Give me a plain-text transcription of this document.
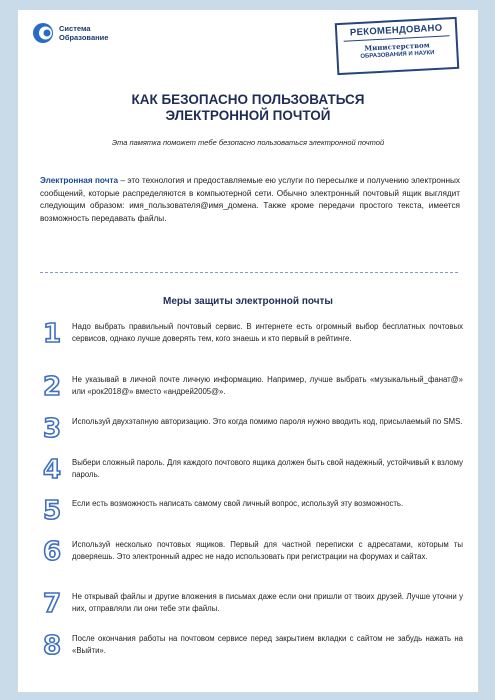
Система
Образование	РЕКОМЕНДОВАНО
Министерством
ОБРАЗОВАНИЯ И НАУКИ
КАК БЕЗОПАСНО ПОЛЬЗОВАТЬСЯ
ЭЛЕКТРОННОЙ ПОЧТОЙ
Эта памятка поможет тебе безопасно пользоваться электронной почтой
Электронная почта – это технология и предоставляемые ею услуги по пересылке и получению электронных сообщений, которые распределяются в компьютерной сети. Обычно электронный почтовый ящик выглядит следующим образом: имя_пользователя@имя_домена. Также кроме передачи простого текста, имеется возможность передавать файлы.
Меры защиты электронной почты
1	Надо выбрать правильный почтовый сервис. В интернете есть огромный выбор бесплатных почтовых сервисов, однако лучше доверять тем, кого знаешь и кто первый в рейтинге.
2	Не указывай в личной почте личную информацию. Например, лучше выбрать «музыкальный_фанат@» или «рок2018@» вместо «андрей2005@».
3	Используй двухэтапную авторизацию. Это когда помимо пароля нужно вводить код, присылаемый по SMS.
4	Выбери сложный пароль. Для каждого почтового ящика должен быть свой надежный, устойчивый к взлому пароль.
5	Если есть возможность написать самому свой личный вопрос, используй эту возможность.
6	Используй несколько почтовых ящиков. Первый для частной переписки с адресатами, которым ты доверяешь. Это электронный адрес не надо использовать при регистрации на форумах и сайтах.
7	Не открывай файлы и другие вложения в письмах даже если они пришли от твоих друзей. Лучше уточни у них, отправляли ли они тебе эти файлы.
8	После окончания работы на почтовом сервисе перед закрытием вкладки с сайтом не забудь нажать на «Выйти».
